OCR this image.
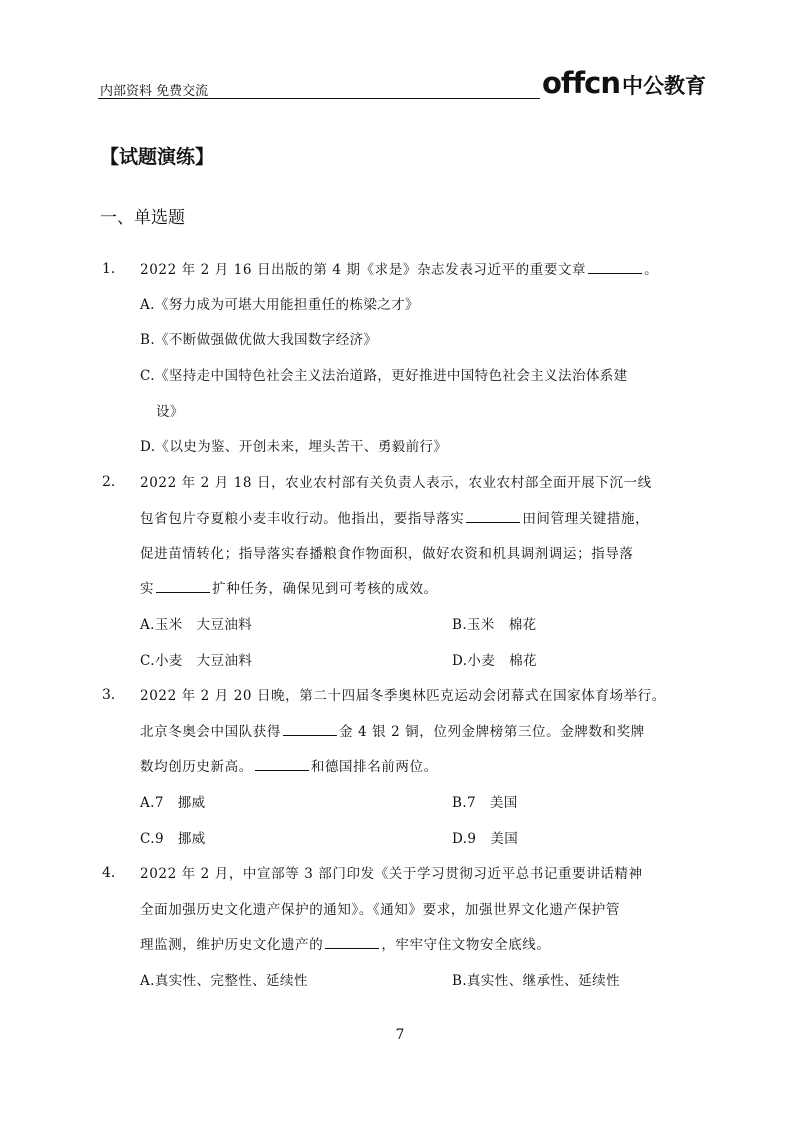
内部资料 免费交流	offcn 中公教育
【试题演练】
一、单选题
1． 2022 年 2 月 16 日出版的第 4 期《求是》杂志发表习近平的重要文章	。
A.《努力成为可堪大用能担重任的栋梁之才》
B.《不断做强做优做大我国数字经济》
C.《坚持走中国特色社会主义法治道路，更好推进中国特色社会主义法治体系建
设》
D.《以史为鉴、开创未来，埋头苦干、勇毅前行》
2． 2022 年 2 月 18 日，农业农村部有关负责人表示，农业农村部全面开展下沉一线
包省包片夺夏粮小麦丰收行动。他指出，要指导落实	田间管理关键措施，
促进苗情转化；指导落实春播粮食作物面积，做好农资和机具调剂调运；指导落
实	扩种任务，确保见到可考核的成效。
A.玉米　大豆油料	B.玉米　棉花
C.小麦　大豆油料	D.小麦　棉花
3． 2022 年 2 月 20 日晚，第二十四届冬季奥林匹克运动会闭幕式在国家体育场举行。
北京冬奥会中国队获得	金 4 银 2 铜，位列金牌榜第三位。金牌数和奖牌
数均创历史新高。	和德国排名前两位。
A.7　挪威	B.7　美国
C.9　挪威	D.9　美国
4． 2022 年 2 月，中宣部等 3 部门印发《关于学习贯彻习近平总书记重要讲话精神
全面加强历史文化遗产保护的通知》。《通知》要求，加强世界文化遗产保护管
理监测，维护历史文化遗产的	，牢牢守住文物安全底线。
A.真实性、完整性、延续性	B.真实性、继承性、延续性
7
